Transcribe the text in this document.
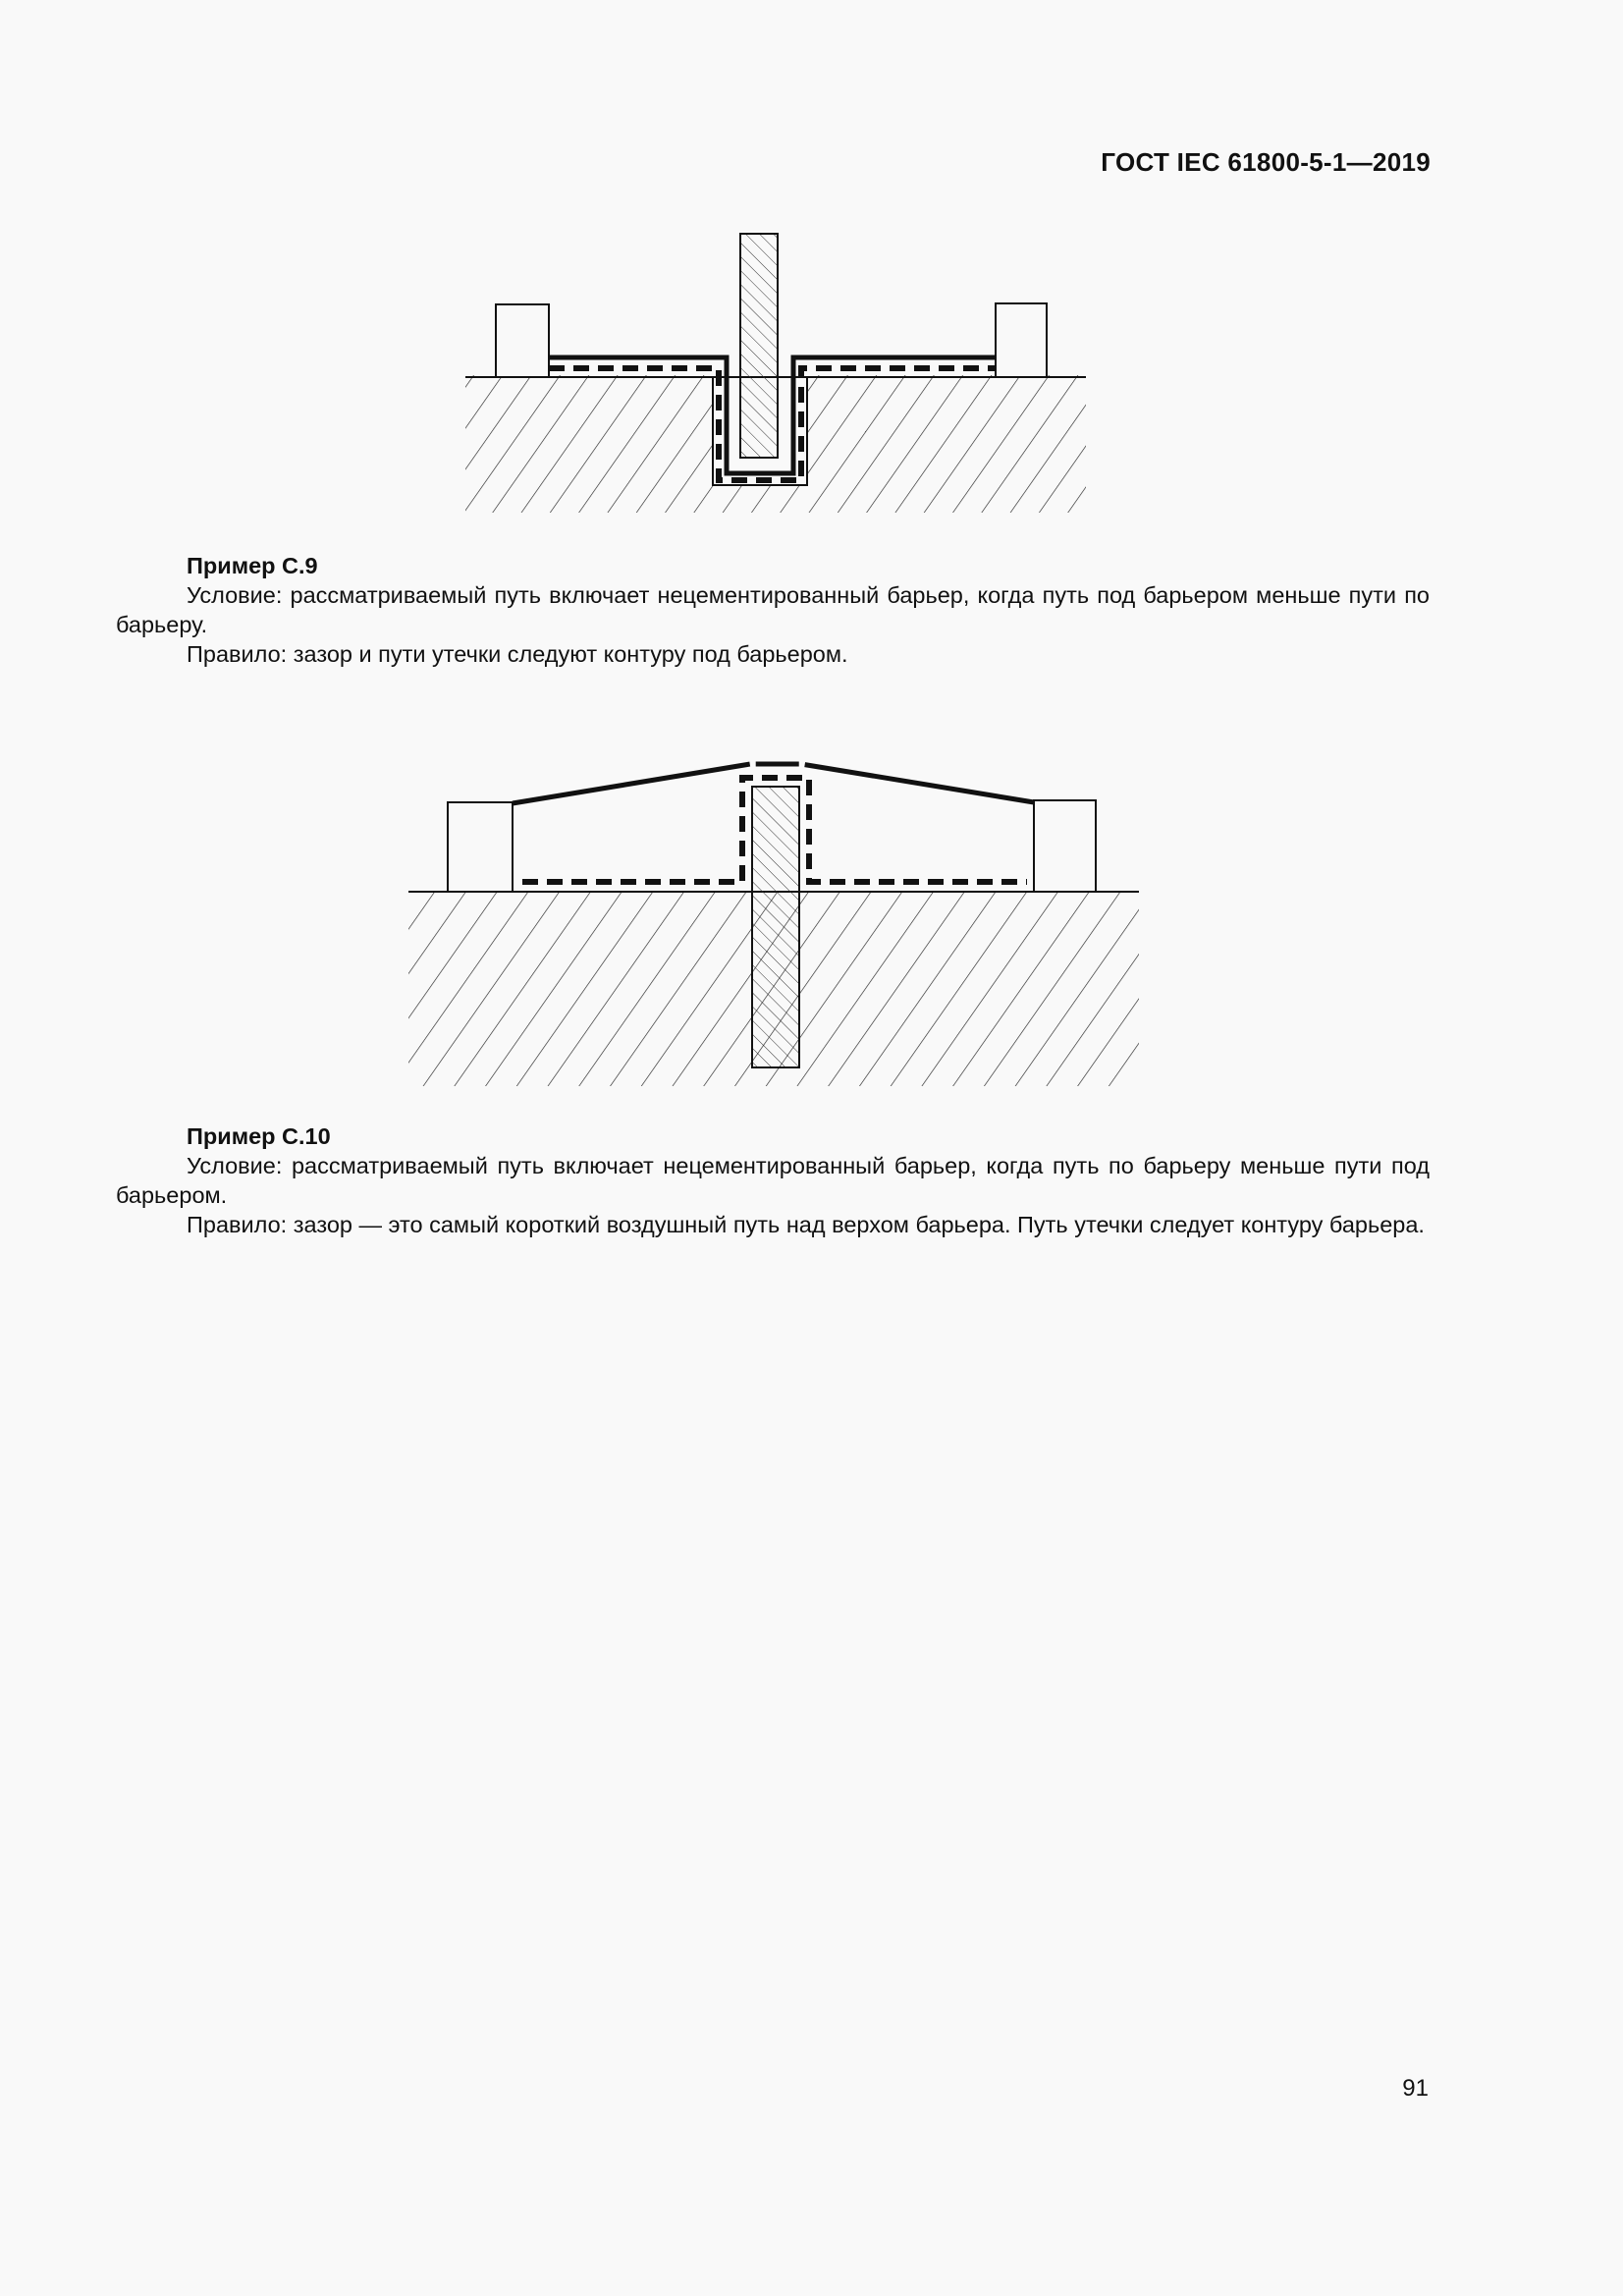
ГОСТ IEC 61800-5-1—2019

Пример С.9

Условие: рассматриваемый путь включает нецементированный барьер, когда путь под барьером меньше пути по барьеру.

Правило: зазор и пути утечки следуют контуру под барьером.

Пример С.10

Условие: рассматриваемый путь включает нецементированный барьер, когда путь по барьеру меньше пути под барьером.

Правило: зазор — это самый короткий воздушный путь над верхом барьера. Путь утечки следует контуру барьера.

91
